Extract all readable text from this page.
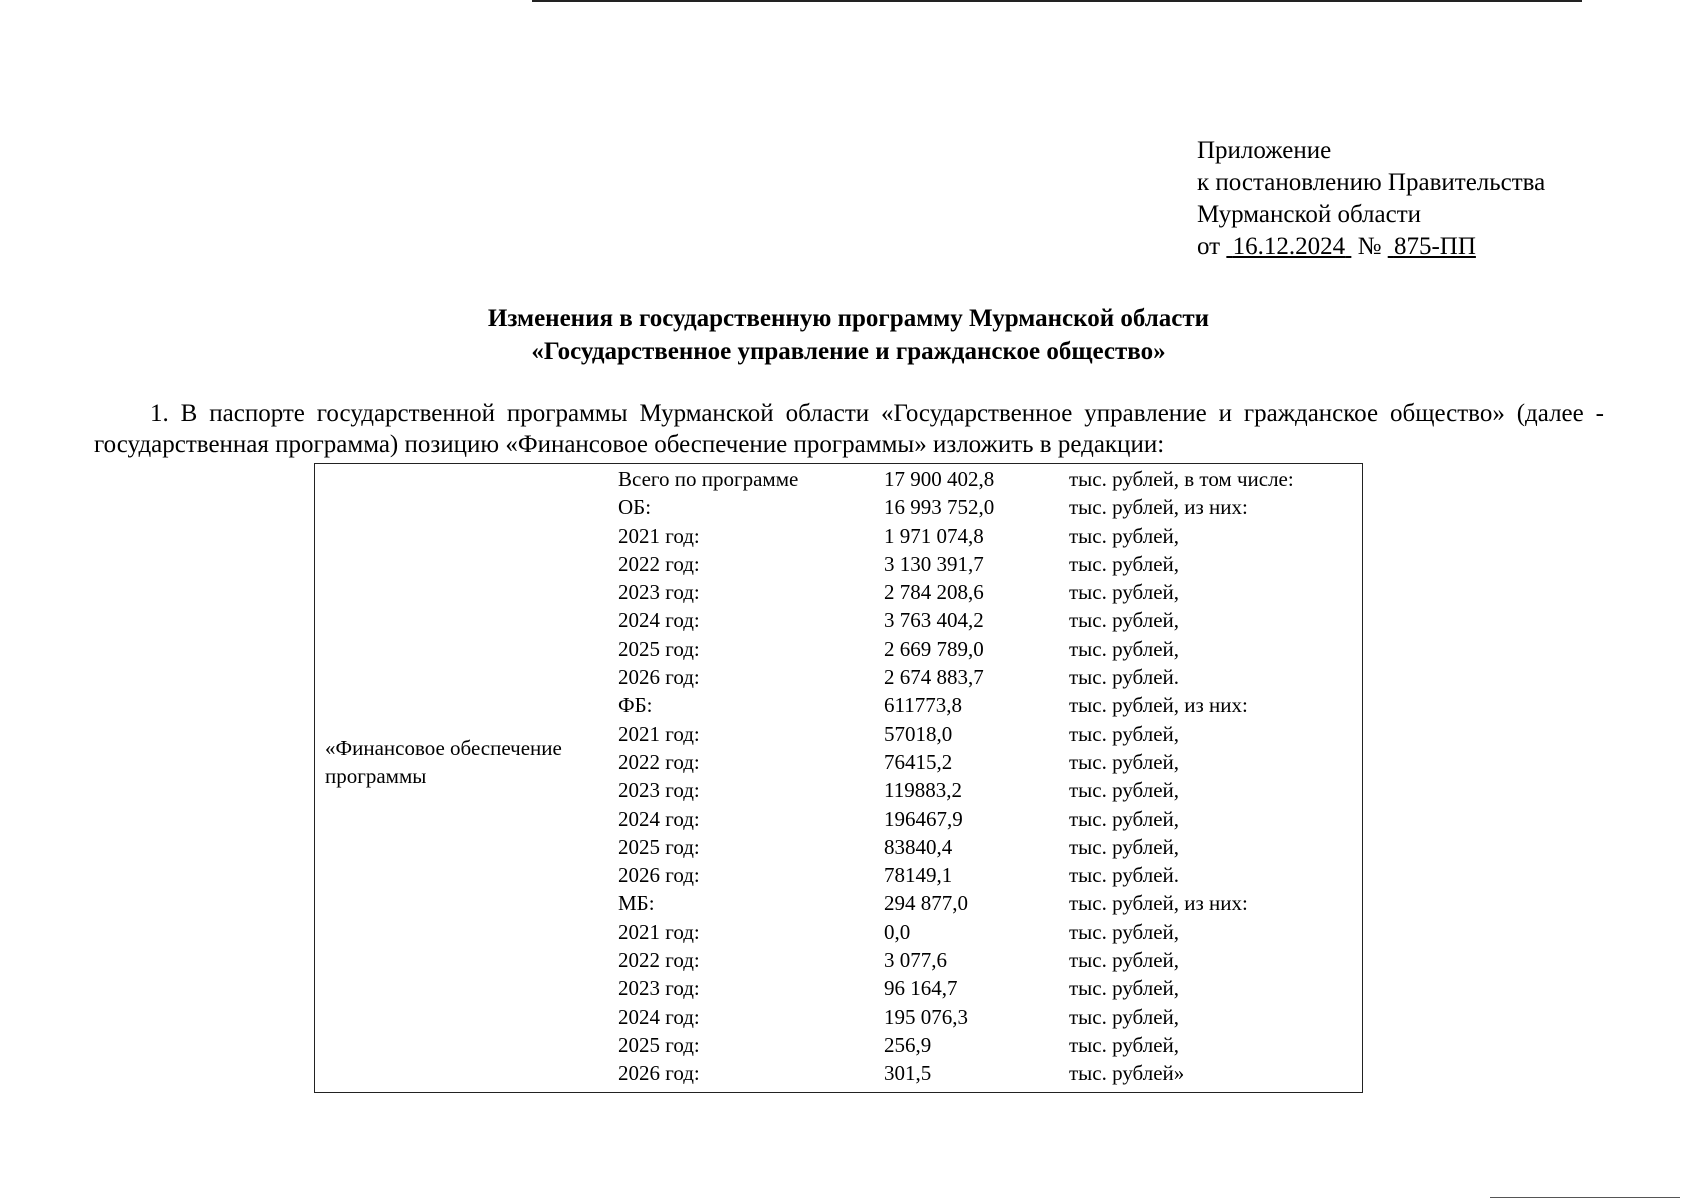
Приложение
к постановлению Правительства
Мурманской области
от 16.12.2024 № 875-ПП
Изменения в государственную программу Мурманской области
«Государственное управление и гражданское общество»

1. В паспорте государственной программы Мурманской области «Государственное управление и гражданское общество» (далее - государственная программа) позицию «Финансовое обеспечение программы» изложить в редакции:

«Финансовое обеспечение программы
Всего по программе	17 900 402,8	тыс. рублей, в том числе:
ОБ:	16 993 752,0	тыс. рублей, из них:
2021 год:	1 971 074,8	тыс. рублей,
2022 год:	3 130 391,7	тыс. рублей,
2023 год:	2 784 208,6	тыс. рублей,
2024 год:	3 763 404,2	тыс. рублей,
2025 год:	2 669 789,0	тыс. рублей,
2026 год:	2 674 883,7	тыс. рублей.
ФБ:	611773,8	тыс. рублей, из них:
2021 год:	57018,0	тыс. рублей,
2022 год:	76415,2	тыс. рублей,
2023 год:	119883,2	тыс. рублей,
2024 год:	196467,9	тыс. рублей,
2025 год:	83840,4	тыс. рублей,
2026 год:	78149,1	тыс. рублей.
МБ:	294 877,0	тыс. рублей, из них:
2021 год:	0,0	тыс. рублей,
2022 год:	3 077,6	тыс. рублей,
2023 год:	96 164,7	тыс. рублей,
2024 год:	195 076,3	тыс. рублей,
2025 год:	256,9	тыс. рублей,
2026 год:	301,5	тыс. рублей»
